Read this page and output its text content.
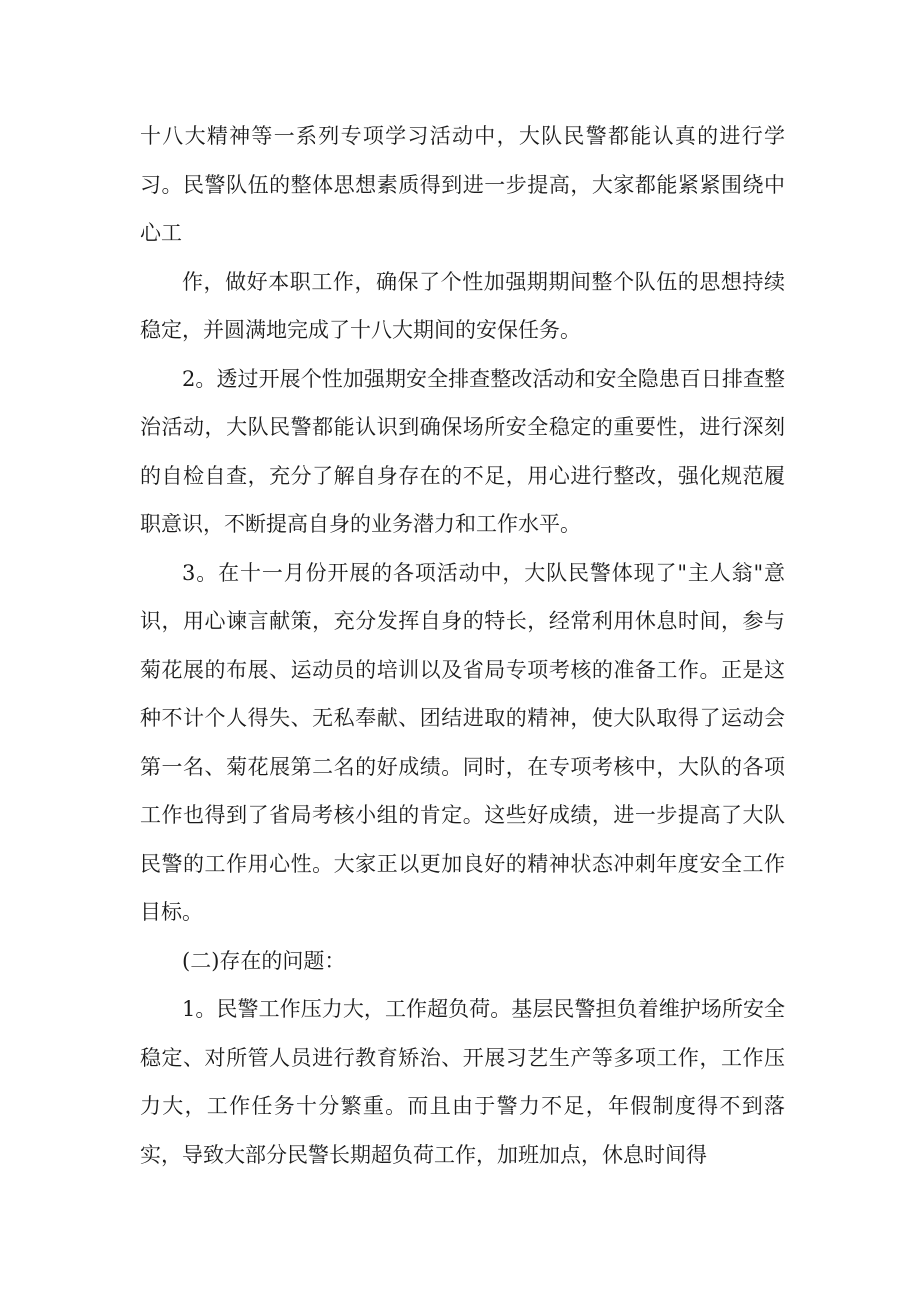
十八大精神等一系列专项学习活动中，大队民警都能认真的进行学习。民警队伍的整体思想素质得到进一步提高，大家都能紧紧围绕中心工

作，做好本职工作，确保了个性加强期期间整个队伍的思想持续稳定，并圆满地完成了十八大期间的安保任务。

2。透过开展个性加强期安全排查整改活动和安全隐患百日排查整治活动，大队民警都能认识到确保场所安全稳定的重要性，进行深刻的自检自查，充分了解自身存在的不足，用心进行整改，强化规范履职意识，不断提高自身的业务潜力和工作水平。

3。在十一月份开展的各项活动中，大队民警体现了"主人翁"意识，用心谏言献策，充分发挥自身的特长，经常利用休息时间，参与菊花展的布展、运动员的培训以及省局专项考核的准备工作。正是这种不计个人得失、无私奉献、团结进取的精神，使大队取得了运动会第一名、菊花展第二名的好成绩。同时，在专项考核中，大队的各项工作也得到了省局考核小组的肯定。这些好成绩，进一步提高了大队民警的工作用心性。大家正以更加良好的精神状态冲刺年度安全工作目标。

(二)存在的问题：

1。民警工作压力大，工作超负荷。基层民警担负着维护场所安全稳定、对所管人员进行教育矫治、开展习艺生产等多项工作，工作压力大，工作任务十分繁重。而且由于警力不足，年假制度得不到落实，导致大部分民警长期超负荷工作，加班加点，休息时间得
